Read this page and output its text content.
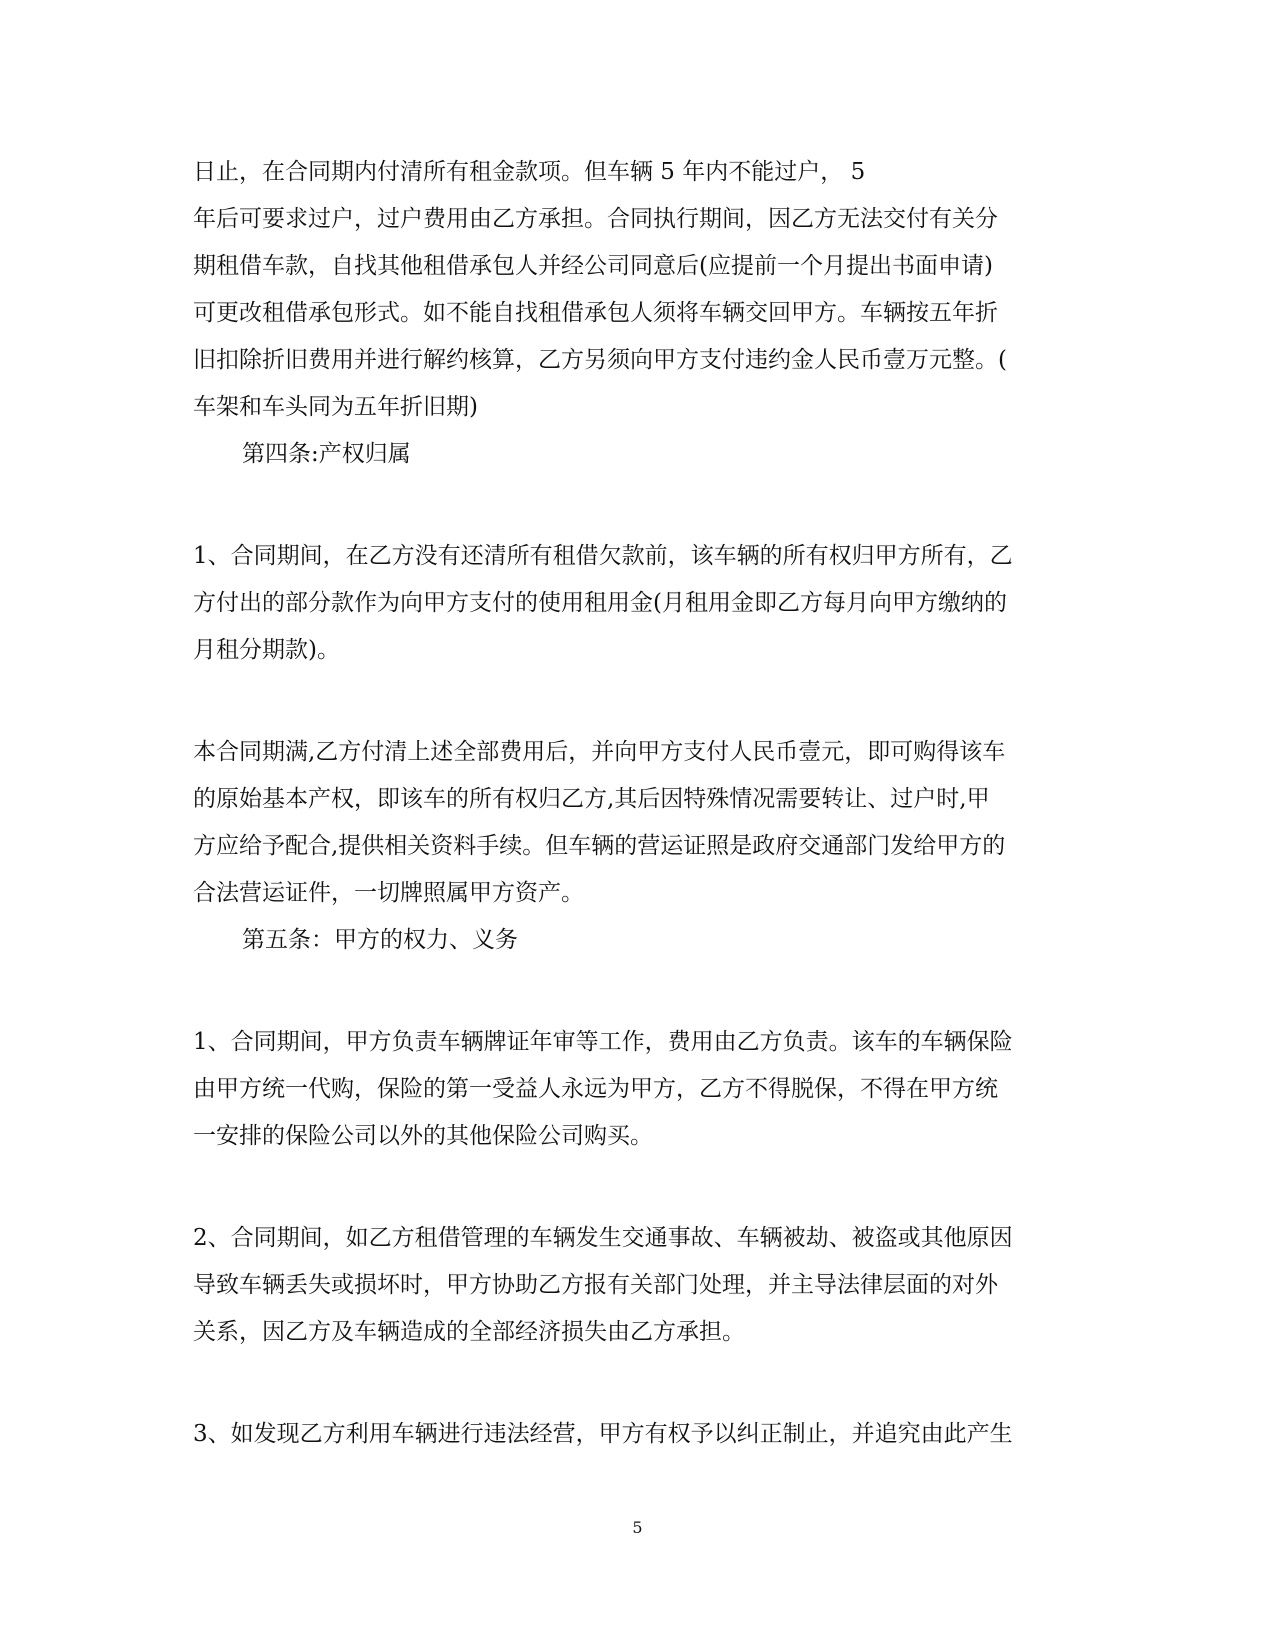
日止，在合同期内付清所有租金款项。但车辆 5 年内不能过户， 5
年后可要求过户，过户费用由乙方承担。合同执行期间，因乙方无法交付有关分
期租借车款，自找其他租借承包人并经公司同意后(应提前一个月提出书面申请)
可更改租借承包形式。如不能自找租借承包人须将车辆交回甲方。车辆按五年折
旧扣除折旧费用并进行解约核算，乙方另须向甲方支付违约金人民币壹万元整。(
车架和车头同为五年折旧期)
第四条:产权归属
1、合同期间，在乙方没有还清所有租借欠款前，该车辆的所有权归甲方所有，乙
方付出的部分款作为向甲方支付的使用租用金(月租用金即乙方每月向甲方缴纳的
月租分期款)。
本合同期满,乙方付清上述全部费用后，并向甲方支付人民币壹元，即可购得该车
的原始基本产权，即该车的所有权归乙方,其后因特殊情况需要转让、过户时,甲
方应给予配合,提供相关资料手续。但车辆的营运证照是政府交通部门发给甲方的
合法营运证件，一切牌照属甲方资产。
第五条：甲方的权力、义务
1、合同期间，甲方负责车辆牌证年审等工作，费用由乙方负责。该车的车辆保险
由甲方统一代购，保险的第一受益人永远为甲方，乙方不得脱保，不得在甲方统
一安排的保险公司以外的其他保险公司购买。
2、合同期间，如乙方租借管理的车辆发生交通事故、车辆被劫、被盗或其他原因
导致车辆丢失或损坏时，甲方协助乙方报有关部门处理，并主导法律层面的对外
关系，因乙方及车辆造成的全部经济损失由乙方承担。
3、如发现乙方利用车辆进行违法经营，甲方有权予以纠正制止，并追究由此产生
5
